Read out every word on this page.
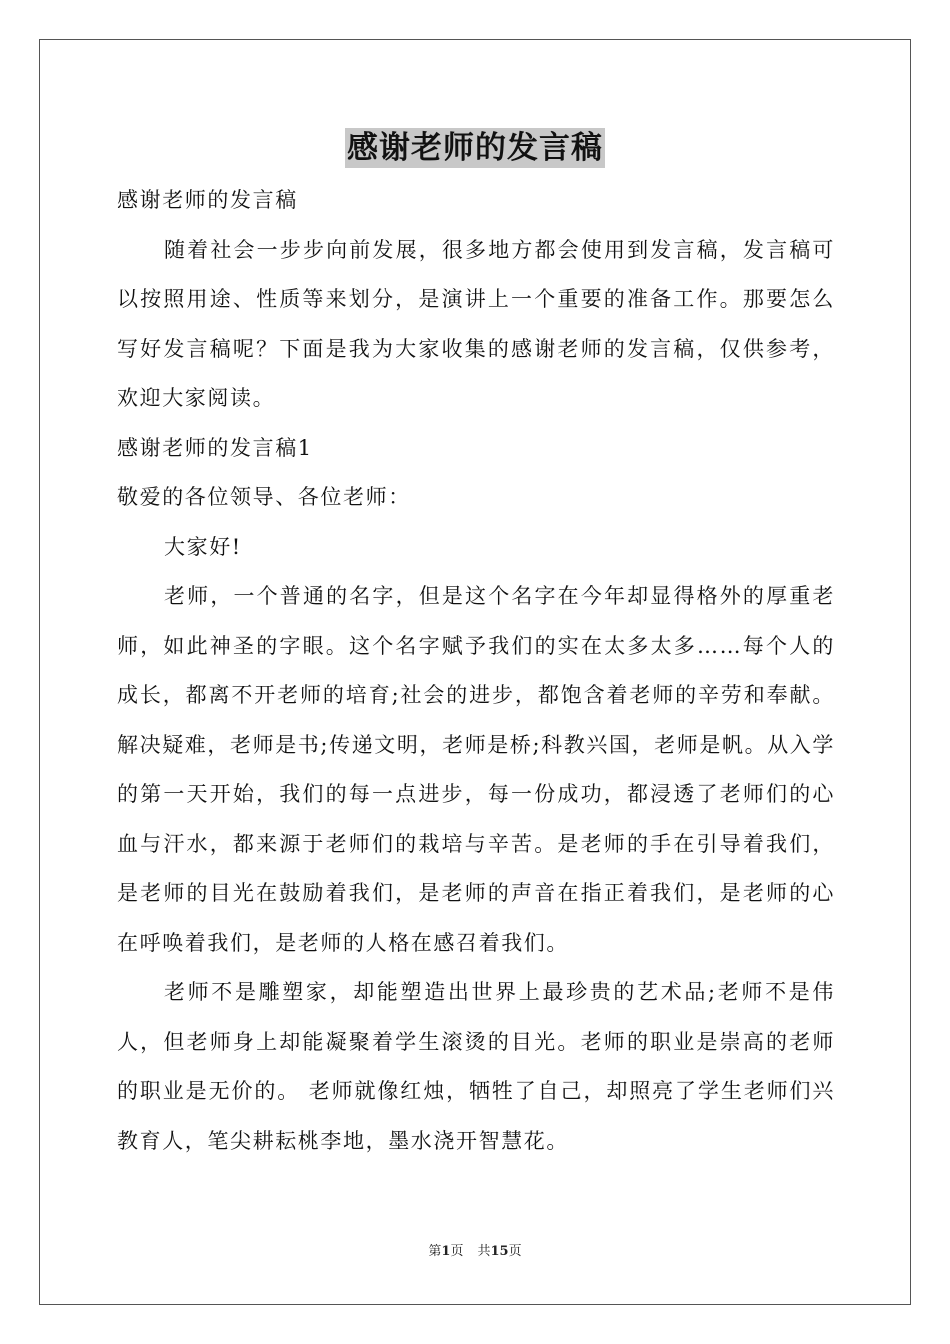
感谢老师的发言稿

感谢老师的发言稿

随着社会一步步向前发展，很多地方都会使用到发言稿，发言稿可以按照用途、性质等来划分，是演讲上一个重要的准备工作。那要怎么写好发言稿呢？下面是我为大家收集的感谢老师的发言稿，仅供参考，欢迎大家阅读。

感谢老师的发言稿1

敬爱的各位领导、各位老师：

大家好!

老师，一个普通的名字，但是这个名字在今年却显得格外的厚重老师，如此神圣的字眼。这个名字赋予我们的实在太多太多……每个人的成长，都离不开老师的培育;社会的进步，都饱含着老师的辛劳和奉献。解决疑难，老师是书;传递文明，老师是桥;科教兴国，老师是帆。从入学的第一天开始，我们的每一点进步，每一份成功，都浸透了老师们的心血与汗水，都来源于老师们的栽培与辛苦。是老师的手在引导着我们，是老师的目光在鼓励着我们，是老师的声音在指正着我们，是老师的心在呼唤着我们，是老师的人格在感召着我们。

老师不是雕塑家，却能塑造出世界上最珍贵的艺术品;老师不是伟人，但老师身上却能凝聚着学生滚烫的目光。老师的职业是崇高的老师的职业是无价的。 老师就像红烛，牺牲了自己，却照亮了学生老师们兴教育人，笔尖耕耘桃李地，墨水浇开智慧花。

第1页 共15页
